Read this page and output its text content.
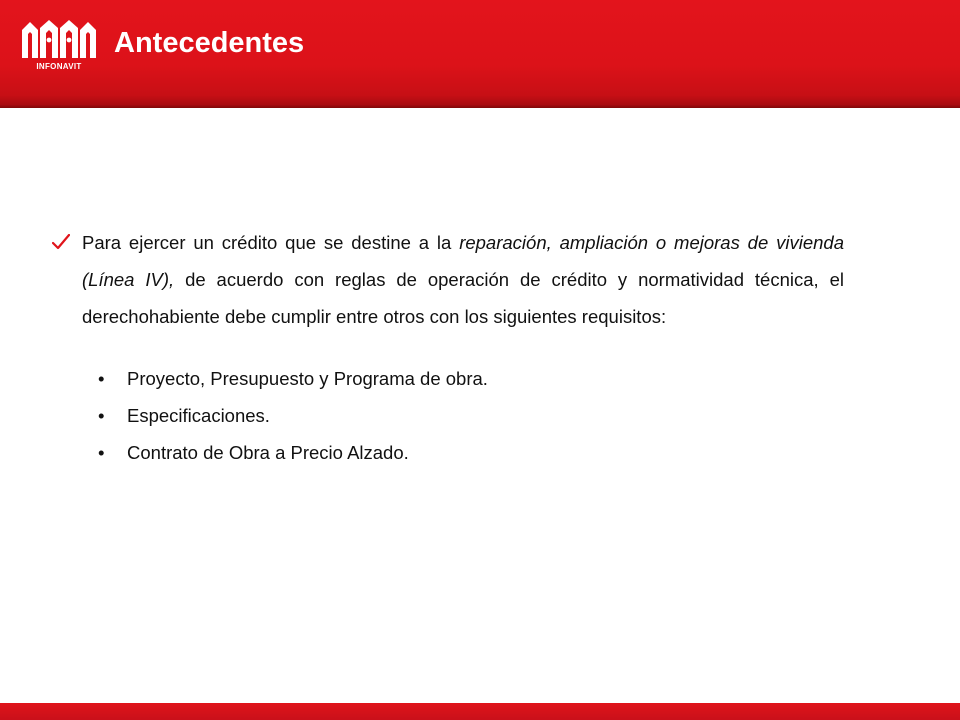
INFONAVIT
Antecedentes
Para ejercer un crédito que se destine a la reparación, ampliación o mejoras de vivienda (Línea IV), de acuerdo con reglas de operación de crédito y normatividad técnica, el derechohabiente debe cumplir entre otros con los siguientes requisitos:
• Proyecto, Presupuesto y Programa de obra.
• Especificaciones.
• Contrato de Obra a Precio Alzado.
